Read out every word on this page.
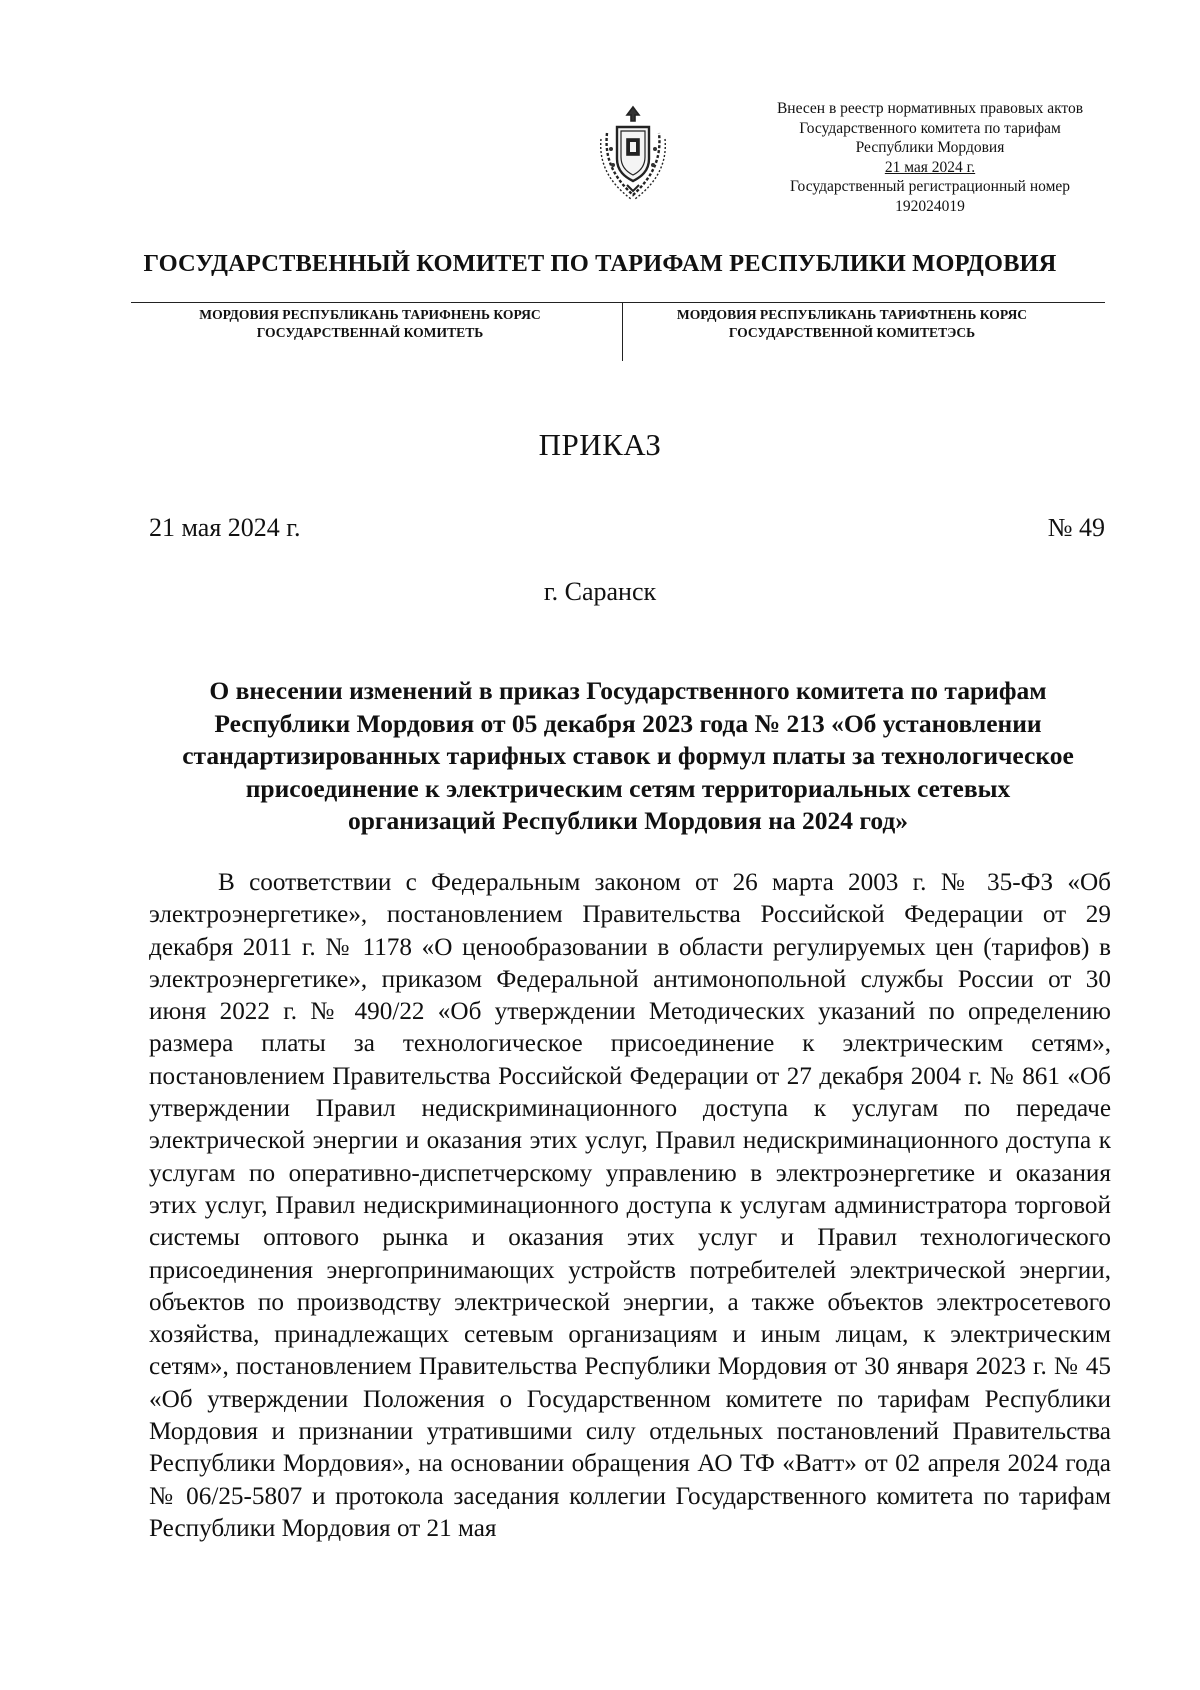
Внесен в реестр нормативных правовых актов
Государственного комитета по тарифам
Республики Мордовия
21 мая 2024 г.
Государственный регистрационный номер
192024019
ГОСУДАРСТВЕННЫЙ КОМИТЕТ ПО ТАРИФАМ РЕСПУБЛИКИ МОРДОВИЯ
МОРДОВИЯ РЕСПУБЛИКАНЬ ТАРИФНЕНЬ КОРЯС
ГОСУДАРСТВЕННАЙ КОМИТЕТЬ
МОРДОВИЯ РЕСПУБЛИКАНЬ ТАРИФТНЕНЬ КОРЯС
ГОСУДАРСТВЕННОЙ КОМИТЕТЭСЬ
ПРИКАЗ
21 мая 2024 г.	№ 49
г. Саранск
О внесении изменений в приказ Государственного комитета по тарифам
Республики Мордовия от 05 декабря 2023 года № 213 «Об установлении
стандартизированных тарифных ставок и формул платы за технологическое
присоединение к электрическим сетям территориальных сетевых
организаций Республики Мордовия на 2024 год»

В соответствии с Федеральным законом от 26 марта 2003 г. № 35-ФЗ «Об электроэнергетике», постановлением Правительства Российской Федерации от 29 декабря 2011 г. № 1178 «О ценообразовании в области регулируемых цен (тарифов) в электроэнергетике», приказом Федеральной антимонопольной службы России от 30 июня 2022 г. № 490/22 «Об утверждении Методических указаний по определению размера платы за технологическое присоединение к электрическим сетям», постановлением Правительства Российской Федерации от 27 декабря 2004 г. № 861 «Об утверждении Правил недискриминационного доступа к услугам по передаче электрической энергии и оказания этих услуг, Правил недискриминационного доступа к услугам по оперативно-диспетчерскому управлению в электроэнергетике и оказания этих услуг, Правил недискриминационного доступа к услугам администратора торговой системы оптового рынка и оказания этих услуг и Правил технологического присоединения энергопринимающих устройств потребителей электрической энергии, объектов по производству электрической энергии, а также объектов электросетевого хозяйства, принадлежащих сетевым организациям и иным лицам, к электрическим сетям», постановлением Правительства Республики Мордовия от 30 января 2023 г. № 45 «Об утверждении Положения о Государственном комитете по тарифам Республики Мордовия и признании утратившими силу отдельных постановлений Правительства Республики Мордовия», на основании обращения АО ТФ «Ватт» от 02 апреля 2024 года № 06/25-5807 и протокола заседания коллегии Государственного комитета по тарифам Республики Мордовия от 21 мая
